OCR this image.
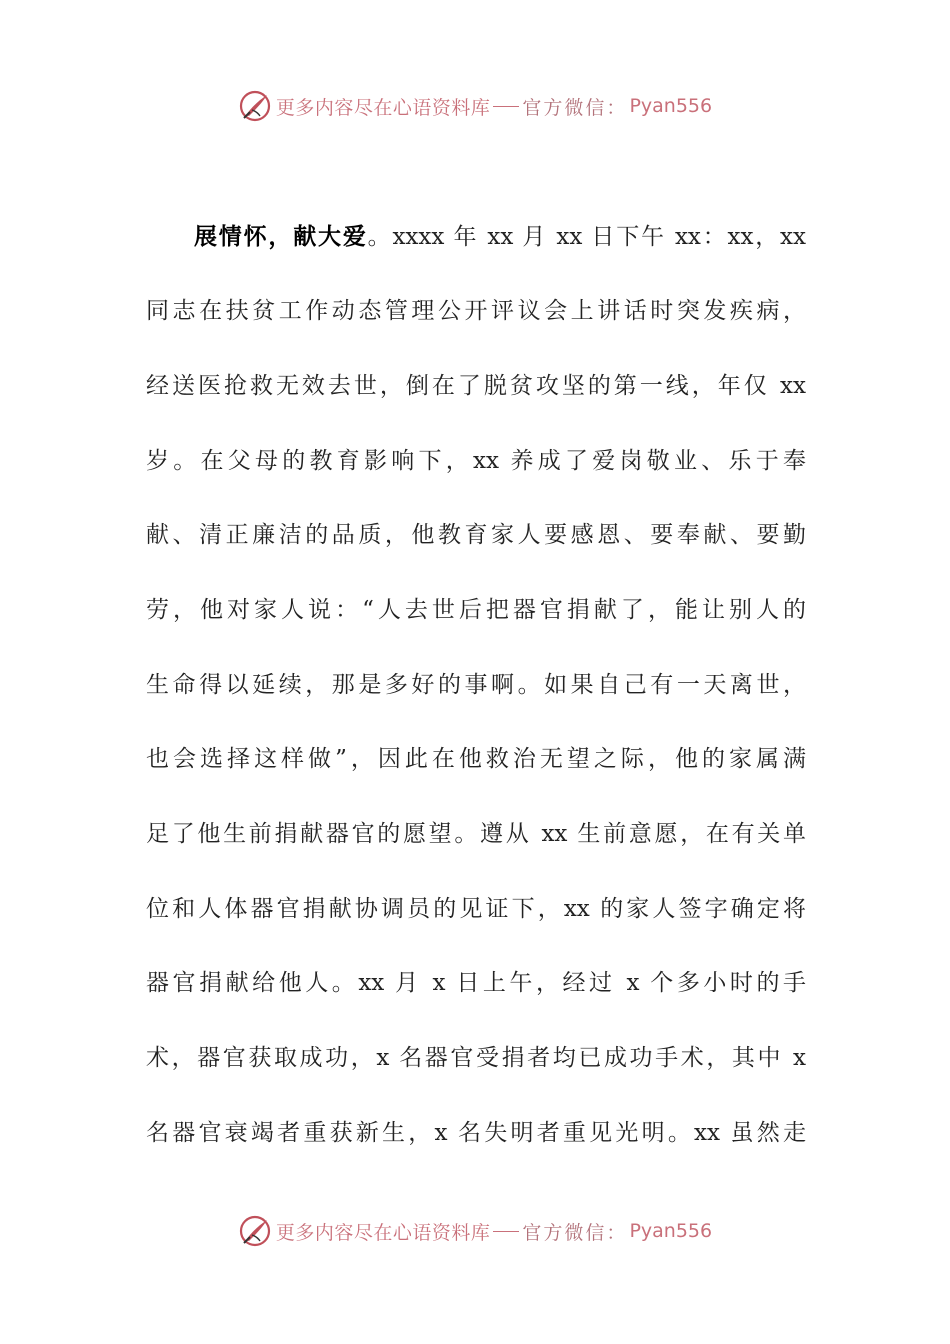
更多内容尽在心语资料库 官方微信： Pyan556
展情怀，献大爱。xxxx 年 xx 月 xx 日下午 xx：xx，xx
同志在扶贫工作动态管理公开评议会上讲话时突发疾病，
经送医抢救无效去世，倒在了脱贫攻坚的第一线，年仅 xx
岁。在父母的教育影响下，xx 养成了爱岗敬业、乐于奉
献、清正廉洁的品质，他教育家人要感恩、要奉献、要勤
劳，他对家人说：“人去世后把器官捐献了，能让别人的
生命得以延续，那是多好的事啊。如果自己有一天离世，
也会选择这样做”，因此在他救治无望之际，他的家属满
足了他生前捐献器官的愿望。遵从 xx 生前意愿，在有关单
位和人体器官捐献协调员的见证下，xx 的家人签字确定将
器官捐献给他人。xx 月 x 日上午，经过 x 个多小时的手
术，器官获取成功，x 名器官受捐者均已成功手术，其中 x
名器官衰竭者重获新生，x 名失明者重见光明。xx 虽然走
更多内容尽在心语资料库 官方微信： Pyan556
